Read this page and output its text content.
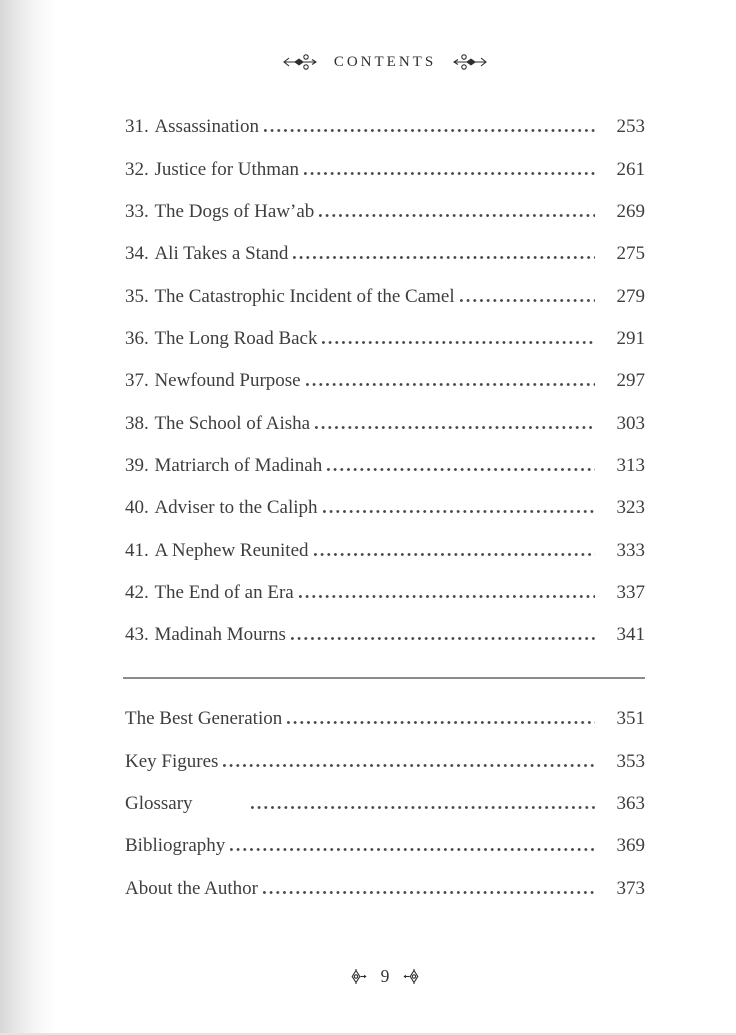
CONTENTS
31. Assassination	253
32. Justice for Uthman	261
33. The Dogs of Haw’ab	269
34. Ali Takes a Stand	275
35. The Catastrophic Incident of the Camel	279
36. The Long Road Back	291
37. Newfound Purpose	297
38. The School of Aisha	303
39. Matriarch of Madinah	313
40. Adviser to the Caliph	323
41. A Nephew Reunited	333
42. The End of an Era	337
43. Madinah Mourns	341
The Best Generation	351
Key Figures	353
Glossary	363
Bibliography	369
About the Author	373
9
